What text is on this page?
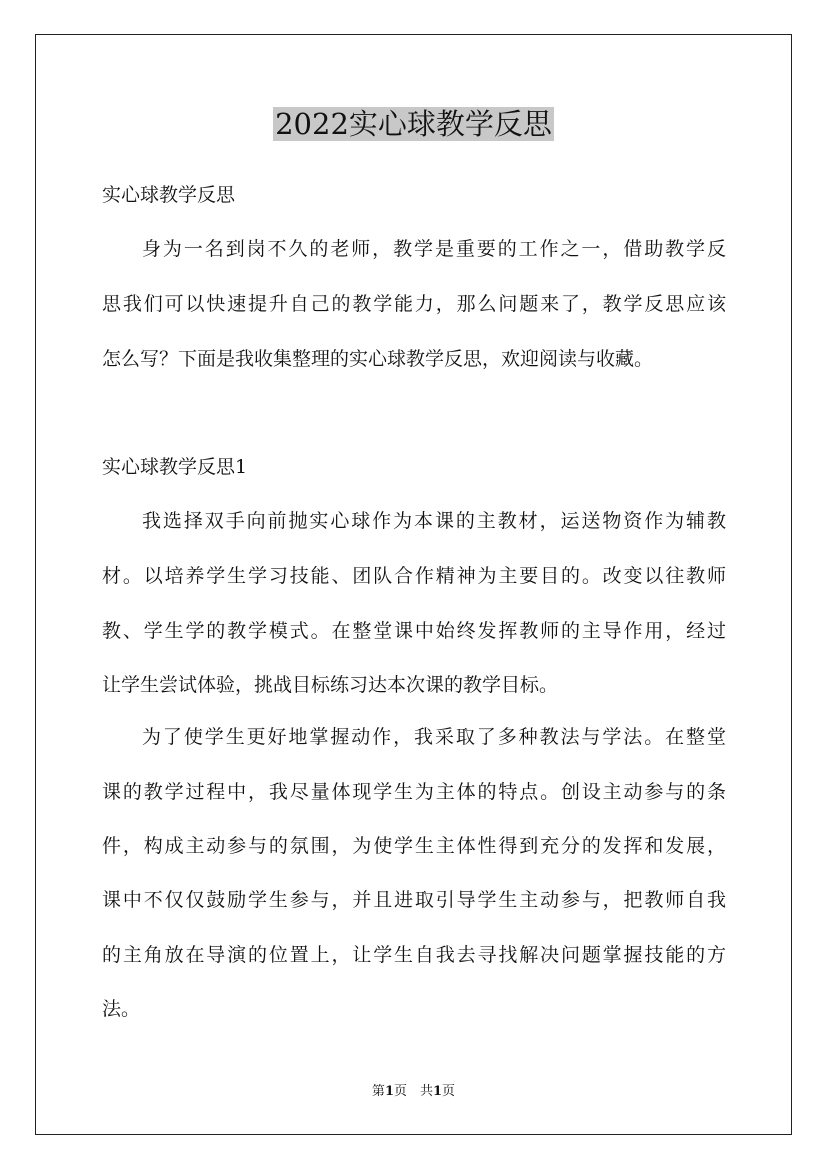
2022实心球教学反思
实心球教学反思
身为一名到岗不久的老师，教学是重要的工作之一，借助教学反
思我们可以快速提升自己的教学能力，那么问题来了，教学反思应该
怎么写？下面是我收集整理的实心球教学反思，欢迎阅读与收藏。
实心球教学反思1
我选择双手向前抛实心球作为本课的主教材，运送物资作为辅教
材。以培养学生学习技能、团队合作精神为主要目的。改变以往教师
教、学生学的教学模式。在整堂课中始终发挥教师的主导作用，经过
让学生尝试体验，挑战目标练习达本次课的教学目标。
为了使学生更好地掌握动作，我采取了多种教法与学法。在整堂
课的教学过程中，我尽量体现学生为主体的特点。创设主动参与的条
件，构成主动参与的氛围，为使学生主体性得到充分的发挥和发展，
课中不仅仅鼓励学生参与，并且进取引导学生主动参与，把教师自我
的主角放在导演的位置上，让学生自我去寻找解决问题掌握技能的方
法。
第1页　共1页
